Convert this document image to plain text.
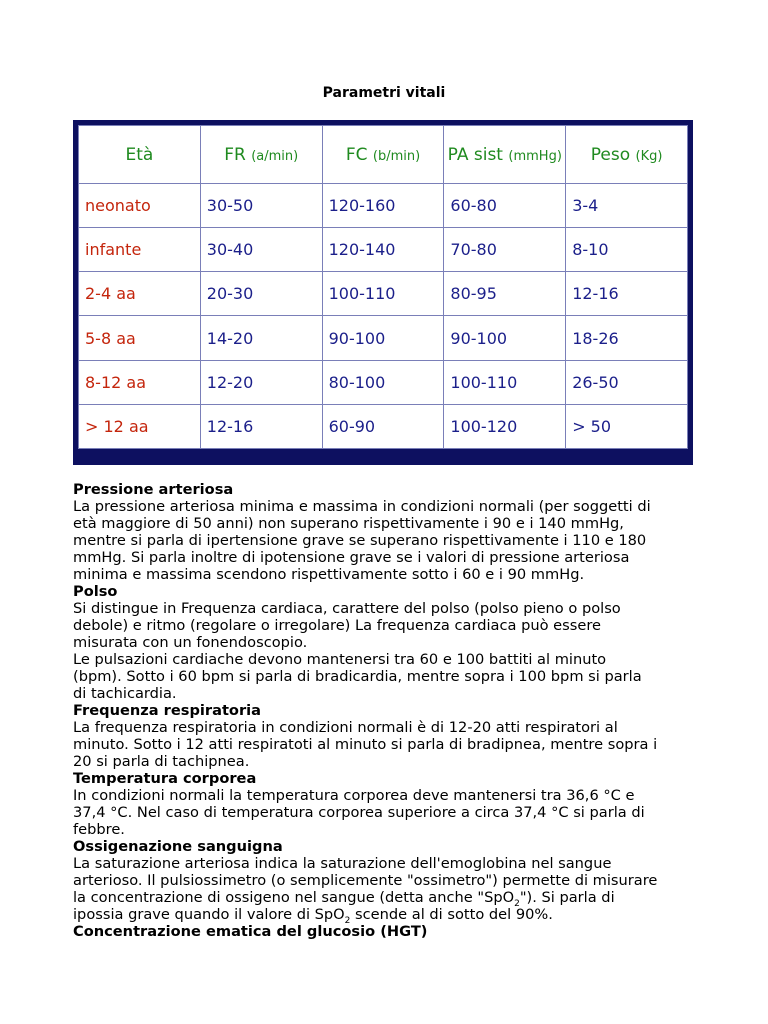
Parametri vitali
Età	FR (a/min)	FC (b/min)	PA sist (mmHg)	Peso (Kg)
neonato	30-50	120-160	60-80	3-4
infante	30-40	120-140	70-80	8-10
2-4 aa	20-30	100-110	80-95	12-16
5-8 aa	14-20	90-100	90-100	18-26
8-12 aa	12-20	80-100	100-110	26-50
> 12 aa	12-16	60-90	100-120	> 50

Pressione arteriosa

La pressione arteriosa minima e massima in condizioni normali (per soggetti di

età maggiore di 50 anni) non superano rispettivamente i 90 e i 140 mmHg,

mentre si parla di ipertensione grave se superano rispettivamente i 110 e 180

mmHg. Si parla inoltre di ipotensione grave se i valori di pressione arteriosa

minima e massima scendono rispettivamente sotto i 60 e i 90 mmHg.

Polso

Si distingue in Frequenza cardiaca, carattere del polso (polso pieno o polso

debole) e ritmo (regolare o irregolare) La frequenza cardiaca può essere

misurata con un fonendoscopio.

Le pulsazioni cardiache devono mantenersi tra 60 e 100 battiti al minuto

(bpm). Sotto i 60 bpm si parla di bradicardia, mentre sopra i 100 bpm si parla

di tachicardia.

Frequenza respiratoria

La frequenza respiratoria in condizioni normali è di 12-20 atti respiratori al

minuto. Sotto i 12 atti respiratoti al minuto si parla di bradipnea, mentre sopra i

20 si parla di tachipnea.

Temperatura corporea

In condizioni normali la temperatura corporea deve mantenersi tra 36,6 °C e

37,4 °C. Nel caso di temperatura corporea superiore a circa 37,4 °C si parla di

febbre.

Ossigenazione sanguigna

La saturazione arteriosa indica la saturazione dell'emoglobina nel sangue

arterioso. Il pulsiossimetro (o semplicemente "ossimetro") permette di misurare

la concentrazione di ossigeno nel sangue (detta anche "SpO$_2$"). Si parla di

ipossia grave quando il valore di SpO$_2$ scende al di sotto del 90%.

Concentrazione ematica del glucosio (HGT)
